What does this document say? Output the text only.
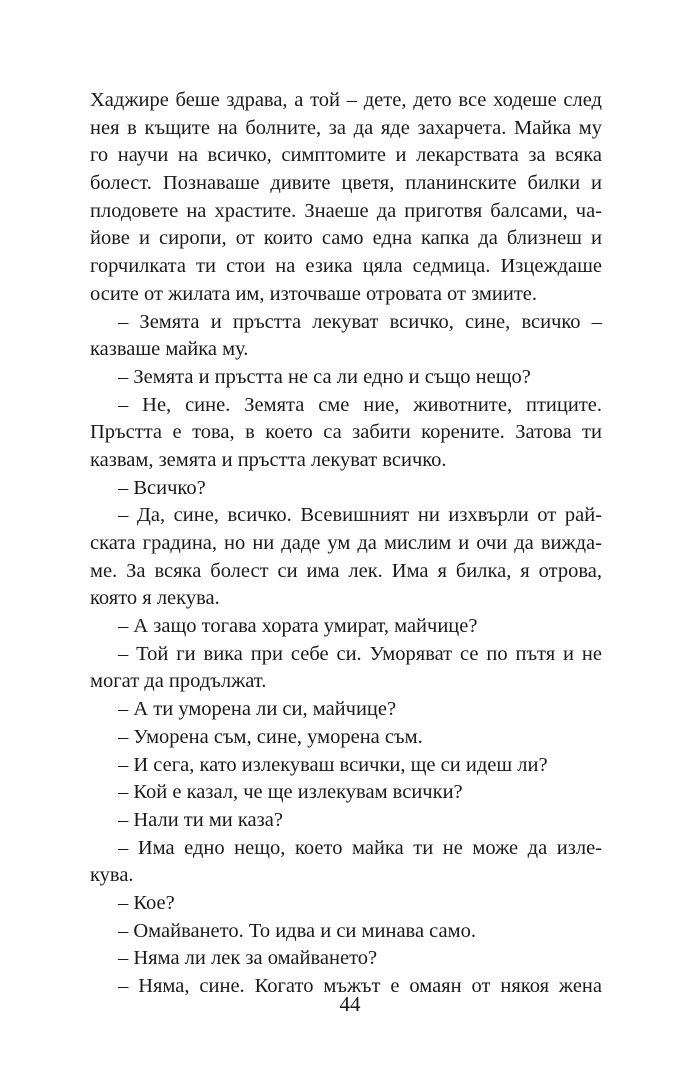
Хаджире беше здрава, а той – дете, дето все ходеше след
нея в къщите на болните, за да яде захарчета. Майка му
го научи на всичко, симптомите и лекарствата за всяка
болест. Познаваше дивите цветя, планинските билки и
плодовете на храстите. Знаеше да приготвя балсами, ча-
йове и сиропи, от които само една капка да близнеш и
горчилката ти стои на езика цяла седмица. Изцеждаше
осите от жилата им, източваше отровата от змиите.
– Земята и пръстта лекуват всичко, сине, всичко –
казваше майка му.
– Земята и пръстта не са ли едно и също нещо?
– Не, сине. Земята сме ние, животните, птиците.
Пръстта е това, в което са забити корените. Затова ти
казвам, земята и пръстта лекуват всичко.
– Всичко?
– Да, сине, всичко. Всевишният ни изхвърли от рай-
ската градина, но ни даде ум да мислим и очи да виждa-
ме. За всяка болест си има лек. Има я билка, я отрова,
която я лекува.
– А защо тогава хората умират, майчице?
– Той ги вика при себе си. Уморяват се по пътя и не
могат да продължат.
– А ти уморена ли си, майчице?
– Уморена съм, сине, уморена съм.
– И сега, като излекуваш всички, ще си идеш ли?
– Кой е казал, че ще излекувам всички?
– Нали ти ми каза?
– Има едно нещо, което майка ти не може да изле-
кува.
– Кое?
– Омайването. То идва и си минава само.
– Няма ли лек за омайването?
– Няма, сине. Когато мъжът е омаян от някоя жена
44
